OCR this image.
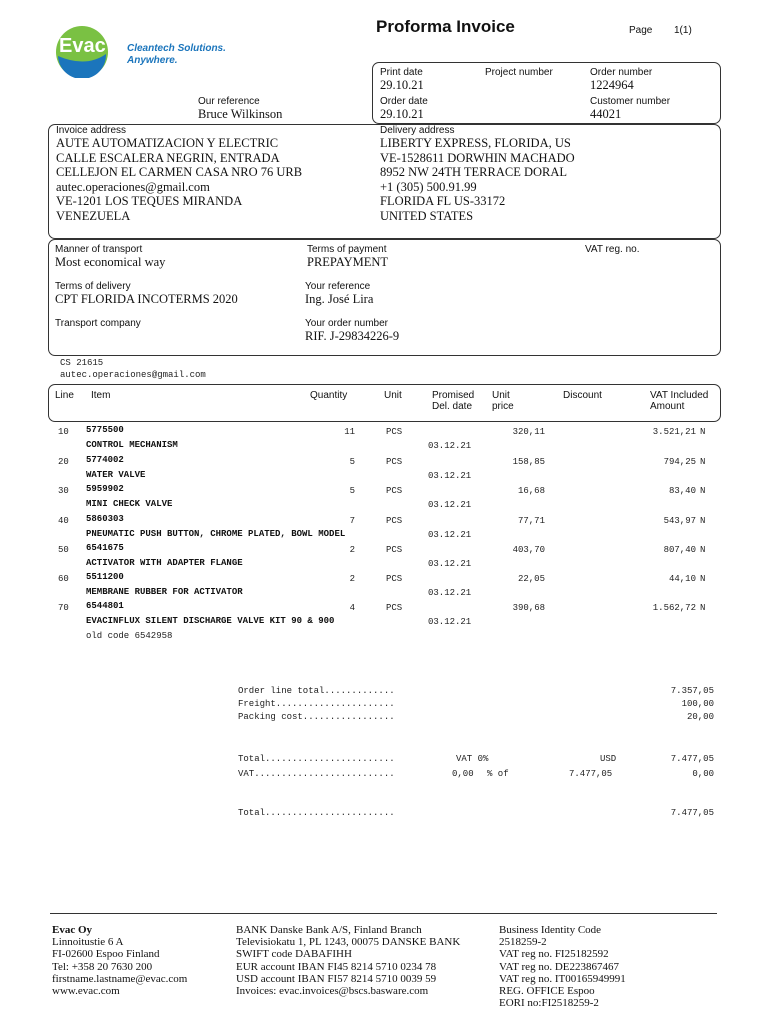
Evac Cleantech Solutions.
Anywhere.
Proforma Invoice	Page 1(1)
Print date
29.10.21
Project number	Order number
1224964
Our reference
Bruce Wilkinson
Order date
29.10.21
Customer number
44021
Invoice address
AUTE AUTOMATIZACION Y ELECTRIC
CALLE ESCALERA NEGRIN, ENTRADA
CELLEJON EL CARMEN CASA NRO 76 URB
autec.operaciones@gmail.com
VE-1201 LOS TEQUES MIRANDA
VENEZUELA
Delivery address
LIBERTY EXPRESS, FLORIDA, US
VE-1528611 DORWHIN MACHADO
8952 NW 24TH TERRACE DORAL
+1 (305) 500.91.99
FLORIDA FL US-33172
UNITED STATES
Manner of transport
Most economical way
Terms of payment
PREPAYMENT
VAT reg. no.
Terms of delivery
CPT FLORIDA INCOTERMS 2020
Your reference
Ing. José Lira
Transport company	Your order number
RIF. J-29834226-9
CS 21615
autec.operaciones@gmail.com
Line Item	Quantity	Unit	Promised
Del. date
Unit
price
Discount	VAT Included
Amount
10 5775500	11	PCS	320,11	3.521,21 N
CONTROL MECHANISM	03.12.21
20 5774002	5	PCS	158,85	794,25 N
WATER VALVE	03.12.21
30 5959902	5	PCS	16,68	83,40 N
MINI CHECK VALVE	03.12.21
40 5860303	7	PCS	77,71	543,97 N
PNEUMATIC PUSH BUTTON, CHROME PLATED, BOWL MODEL	03.12.21
50 6541675	2	PCS	403,70	807,40 N
ACTIVATOR WITH ADAPTER FLANGE	03.12.21
60 5511200	2	PCS	22,05	44,10 N
MEMBRANE RUBBER FOR ACTIVATOR	03.12.21
70 6544801	4	PCS	390,68	1.562,72 N
EVACINFLUX SILENT DISCHARGE VALVE KIT 90 & 900	03.12.21
old code 6542958
Order line total.............	7.357,05
Freight......................	100,00
Packing cost.................	20,00
Total........................	VAT 0%	USD	7.477,05
VAT..........................	0,00 % of	7.477,05	0,00
Total........................	7.477,05
Evac Oy
Linnoitustie 6 A
FI-02600 Espoo Finland
Tel: +358 20 7630 200
firstname.lastname@evac.com
www.evac.com
BANK Danske Bank A/S, Finland Branch
Televisiokatu 1, PL 1243, 00075 DANSKE BANK
SWIFT code DABAFIHH
EUR account IBAN FI45 8214 5710 0234 78
USD account IBAN FI57 8214 5710 0039 59
Invoices: evac.invoices@bscs.basware.com
Business Identity Code
2518259-2
VAT reg no. FI25182592
VAT reg no. DE223867467
VAT reg no. IT00165949991
REG. OFFICE Espoo
EORI no:FI2518259-2
